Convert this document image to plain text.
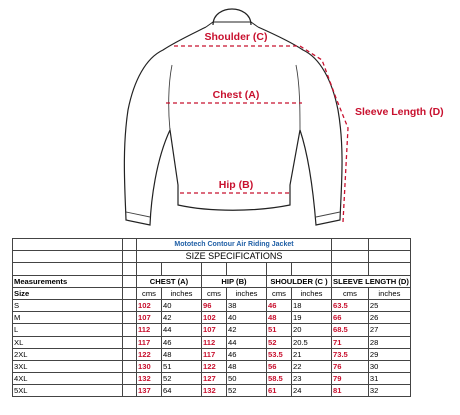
Shoulder (C)
Chest (A)
Hip (B)
Sleeve Length (D)
		Mototech Contour Air Riding Jacket							
		SIZE SPECIFICATIONS							

Measurements		CHEST (A)		HIP (B)		SHOULDER (C )		SLEEVE LENGTH (D)	
Size		cms	inches	cms	inches	cms	inches	cms	inches
S		102	40	96	38	46	18	63.5	25
M		107	42	102	40	48	19	66	26
L		112	44	107	42	51	20	68.5	27
XL		117	46	112	44	52	20.5	71	28
2XL		122	48	117	46	53.5	21	73.5	29
3XL		130	51	122	48	56	22	76	30
4XL		132	52	127	50	58.5	23	79	31
5XL		137	64	132	52	61	24	81	32
